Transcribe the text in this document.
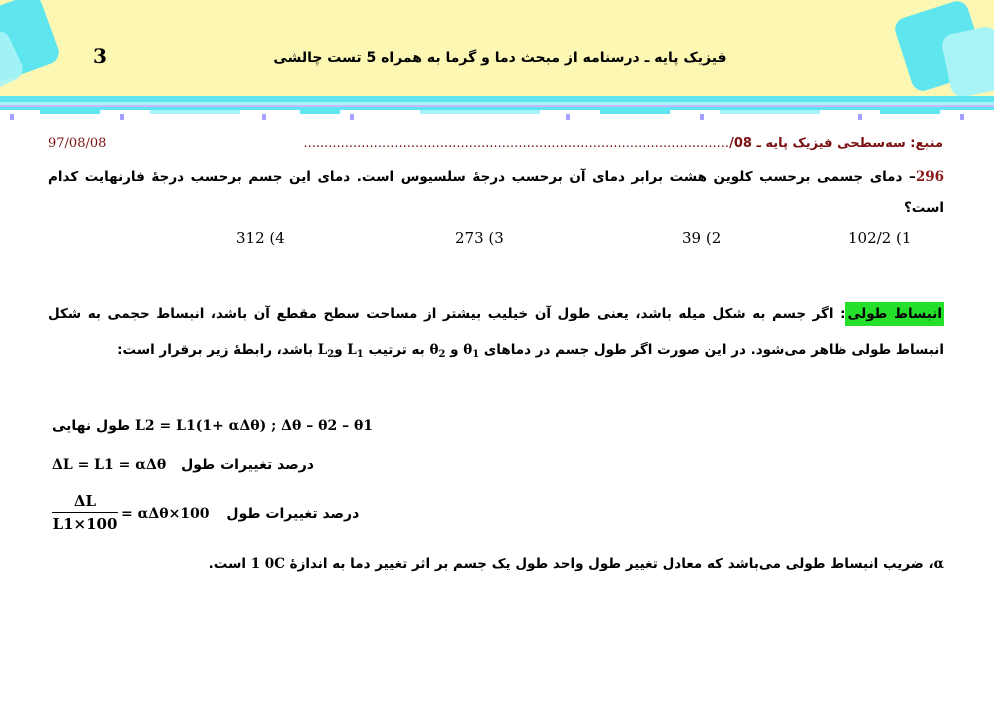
3	فیزیک پایه ـ درسنامه از مبحث دما و گرما به همراه 5 تست چالشی
منبع: سه‌سطحی فیزیک پایه ـ 08/.......................................................................................................
97/08/08
296– دمای جسمی برحسب کلوین هشت برابر دمای آن برحسب درجهٔ سلسیوس است. دمای این جسم برحسب درجهٔ فارنهایت کدام است؟
102/2 (1
39 (2
273 (3
312 (4
انبساط طولی: اگر جسم به شکل میله باشد، یعنی طول آن خیلیب بیشتر از مساحت سطح مقطع آن باشد، انبساط حجمی به شکل انبساط طولی ظاهر می‌شود. در این صورت اگر طول جسم در دماهای $\theta_1$ و $\theta_2$ به ترتیب $L_1$ وL$_2$ باشد، رابطهٔ زیر برقرار است:
طول نهایی L2 = L1(1+ αΔθ) ; Δθ – θ2 – θ1
ΔL = L1 = αΔθ درصد تغییرات طول
ΔL
L1×100
= αΔθ×100 درصد تغییرات طول
α، ضریب انبساط طولی می‌باشد که معادل تغییر طول واحد طول یک جسم بر اثر تغییر دما به اندازهٔ 1 0C است.
